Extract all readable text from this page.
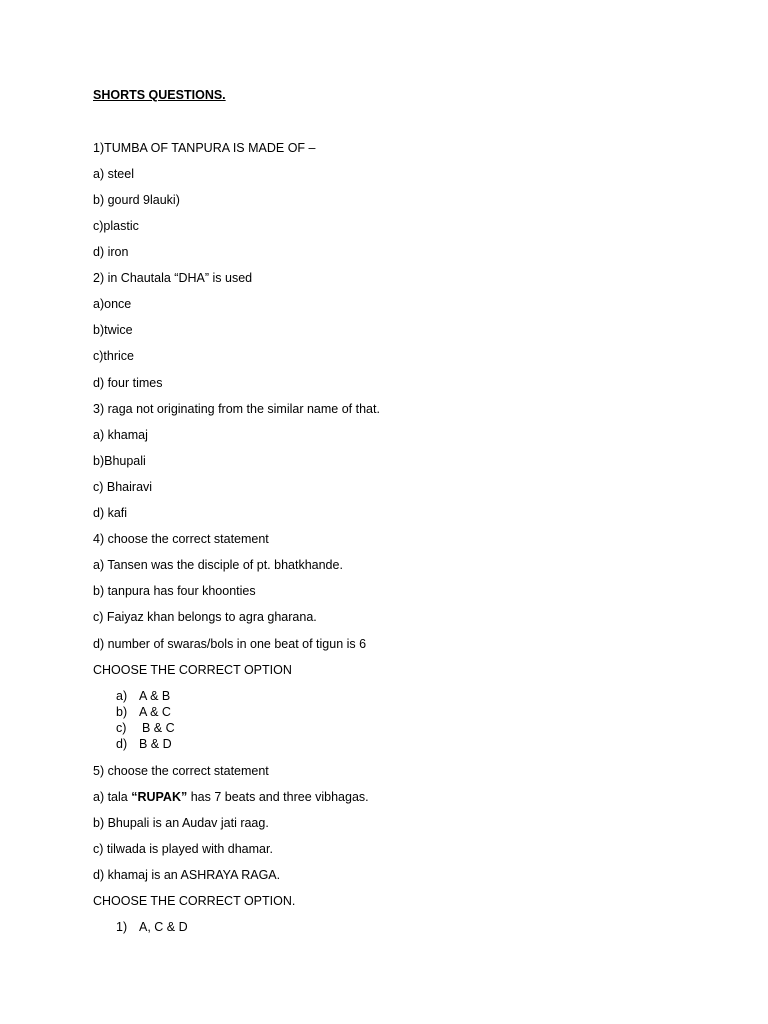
SHORTS QUESTIONS.
1)TUMBA OF TANPURA IS MADE OF –
a) steel
b) gourd 9lauki)
c)plastic
d) iron
2) in Chautala “DHA” is used
a)once
b)twice
c)thrice
d) four times
3) raga not originating from the similar name of that.
a) khamaj
b)Bhupali
c) Bhairavi
d) kafi
4) choose the correct statement
a) Tansen was the disciple of pt. bhatkhande.
b) tanpura has four khoonties
c) Faiyaz khan belongs to agra gharana.
d) number of swaras/bols in one beat of tigun is 6
CHOOSE THE CORRECT OPTION
a) A & B
b) A & C
c) B & C
d) B & D
5) choose the correct statement
a) tala “RUPAK” has 7 beats and three vibhagas.
b) Bhupali is an Audav jati raag.
c) tilwada is played with dhamar.
d) khamaj is an ASHRAYA RAGA.
CHOOSE THE CORRECT OPTION.
1) A, C & D
